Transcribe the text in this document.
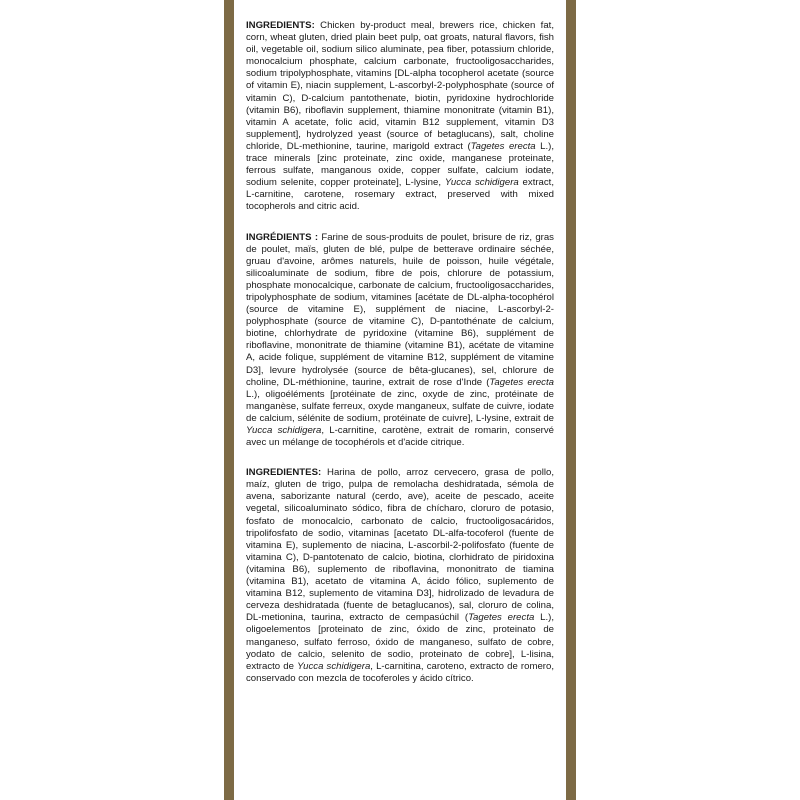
INGREDIENTS: Chicken by-product meal, brewers rice, chicken fat, corn, wheat gluten, dried plain beet pulp, oat groats, natural flavors, fish oil, vegetable oil, sodium silico aluminate, pea fiber, potassium chloride, monocalcium phosphate, calcium carbonate, fructooligosaccharides, sodium tripolyphosphate, vitamins [DL-alpha tocopherol acetate (source of vitamin E), niacin supplement, L-ascorbyl-2-polyphosphate (source of vitamin C), D-calcium pantothenate, biotin, pyridoxine hydrochloride (vitamin B6), riboflavin supplement, thiamine mononitrate (vitamin B1), vitamin A acetate, folic acid, vitamin B12 supplement, vitamin D3 supplement], hydrolyzed yeast (source of betaglucans), salt, choline chloride, DL-methionine, taurine, marigold extract (Tagetes erecta L.), trace minerals [zinc proteinate, zinc oxide, manganese proteinate, ferrous sulfate, manganous oxide, copper sulfate, calcium iodate, sodium selenite, copper proteinate], L-lysine, Yucca schidigera extract, L-carnitine, carotene, rosemary extract, preserved with mixed tocopherols and citric acid.

INGRÉDIENTS : Farine de sous-produits de poulet, brisure de riz, gras de poulet, maïs, gluten de blé, pulpe de betterave ordinaire séchée, gruau d'avoine, arômes naturels, huile de poisson, huile végétale, silicoaluminate de sodium, fibre de pois, chlorure de potassium, phosphate monocalcique, carbonate de calcium, fructooligosaccharides, tripolyphosphate de sodium, vitamines [acétate de DL-alpha-tocophérol (source de vitamine E), supplément de niacine, L-ascorbyl-2-polyphosphate (source de vitamine C), D-pantothénate de calcium, biotine, chlorhydrate de pyridoxine (vitamine B6), supplément de riboflavine, mononitrate de thiamine (vitamine B1), acétate de vitamine A, acide folique, supplément de vitamine B12, supplément de vitamine D3], levure hydrolysée (source de bêta-glucanes), sel, chlorure de choline, DL-méthionine, taurine, extrait de rose d'Inde (Tagetes erecta L.), oligoéléments [protéinate de zinc, oxyde de zinc, protéinate de manganèse, sulfate ferreux, oxyde manganeux, sulfate de cuivre, iodate de calcium, sélénite de sodium, protéinate de cuivre], L-lysine, extrait de Yucca schidigera, L-carnitine, carotène, extrait de romarin, conservé avec un mélange de tocophérols et d'acide citrique.

INGREDIENTES: Harina de pollo, arroz cervecero, grasa de pollo, maíz, gluten de trigo, pulpa de remolacha deshidratada, sémola de avena, saborizante natural (cerdo, ave), aceite de pescado, aceite vegetal, silicoaluminato sódico, fibra de chícharo, cloruro de potasio, fosfato de monocalcio, carbonato de calcio, fructooligosacáridos, tripolifosfato de sodio, vitaminas [acetato DL-alfa-tocoferol (fuente de vitamina E), suplemento de niacina, L-ascorbil-2-polifosfato (fuente de vitamina C), D-pantotenato de calcio, biotina, clorhidrato de piridoxina (vitamina B6), suplemento de riboflavina, mononitrato de tiamina (vitamina B1), acetato de vitamina A, ácido fólico, suplemento de vitamina B12, suplemento de vitamina D3], hidrolizado de levadura de cerveza deshidratada (fuente de betaglucanos), sal, cloruro de colina, DL-metionina, taurina, extracto de cempasúchil (Tagetes erecta L.), oligoelementos [proteinato de zinc, óxido de zinc, proteinato de manganeso, sulfato ferroso, óxido de manganeso, sulfato de cobre, yodato de calcio, selenito de sodio, proteinato de cobre], L-lisina, extracto de Yucca schidigera, L-carnitina, caroteno, extracto de romero, conservado con mezcla de tocoferoles y ácido cítrico.
